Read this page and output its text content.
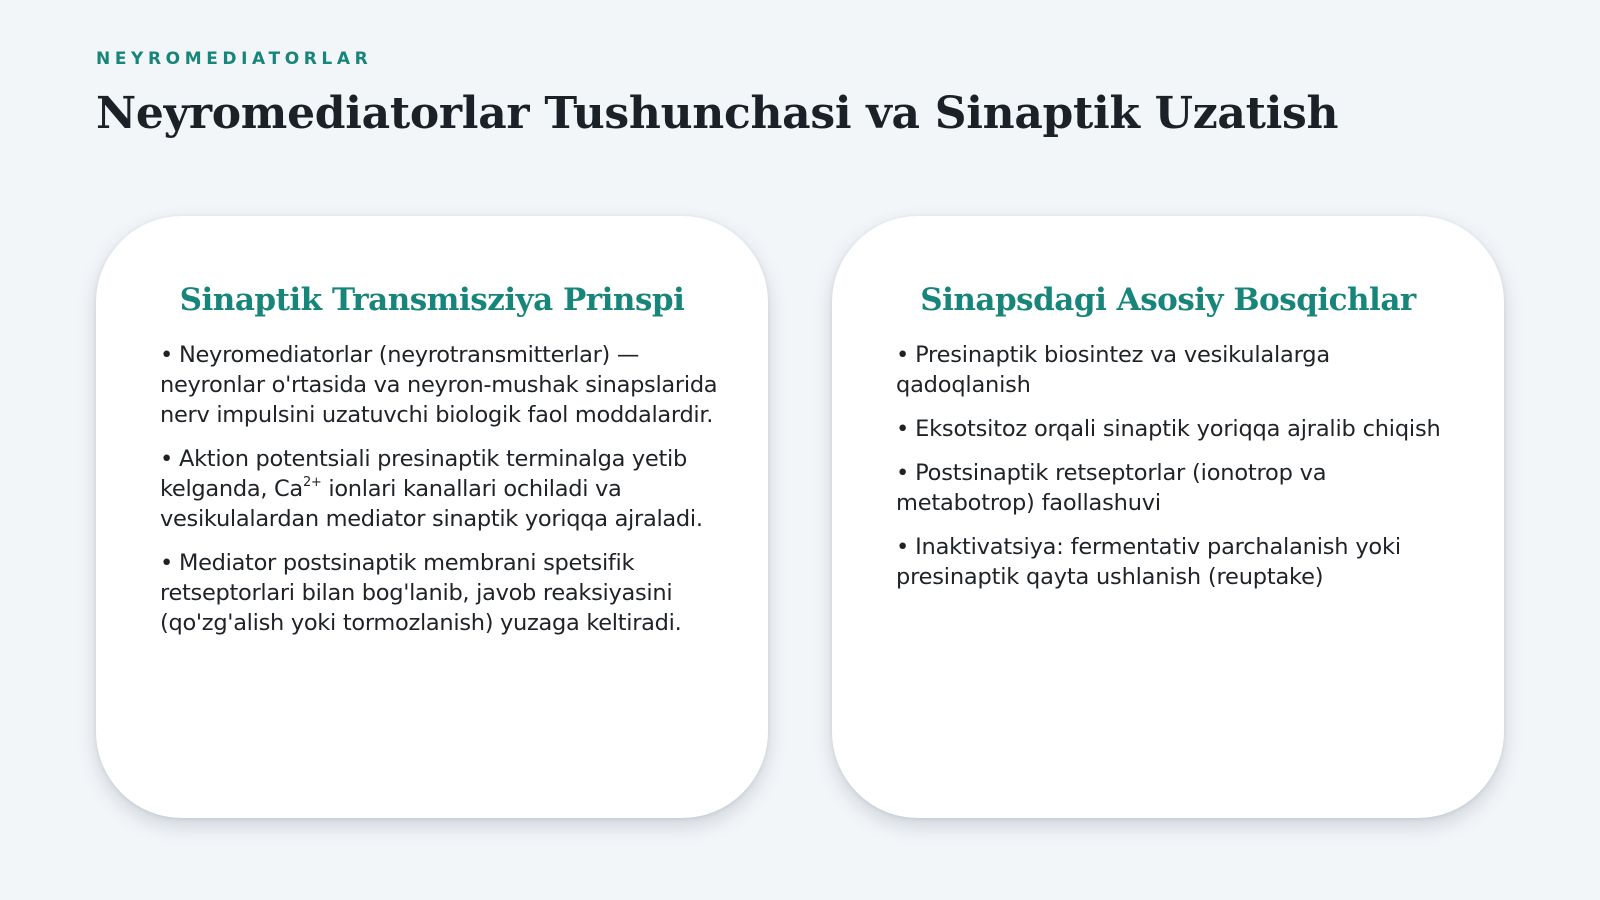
NEYROMEDIATORLAR
Neyromediatorlar Tushunchasi va Sinaptik Uzatish
Sinaptik Transmisziya Prinspi
• Neyromediatorlar (neyrotransmitterlar) — neyronlar o'rtasida va neyron-mushak sinapslarida nerv impulsini uzatuvchi biologik faol moddalardir.
• Aktion potentsiali presinaptik terminalga yetib kelganda, $Ca^{2+}$ ionlari kanallari ochiladi va vesikulalardan mediator sinaptik yoriqqa ajraladi.
• Mediator postsinaptik membrani spetsifik retseptorlari bilan bog'lanib, javob reaksiyasini (qo'zg'alish yoki tormozlanish) yuzaga keltiradi.
Sinapsdagi Asosiy Bosqichlar
• Presinaptik biosintez va vesikulalarga qadoqlanish
• Eksotsitoz orqali sinaptik yoriqqa ajralib chiqish
• Postsinaptik retseptorlar (ionotrop va metabotrop) faollashuvi
• Inaktivatsiya: fermentativ parchalanish yoki presinaptik qayta ushlanish (reuptake)
